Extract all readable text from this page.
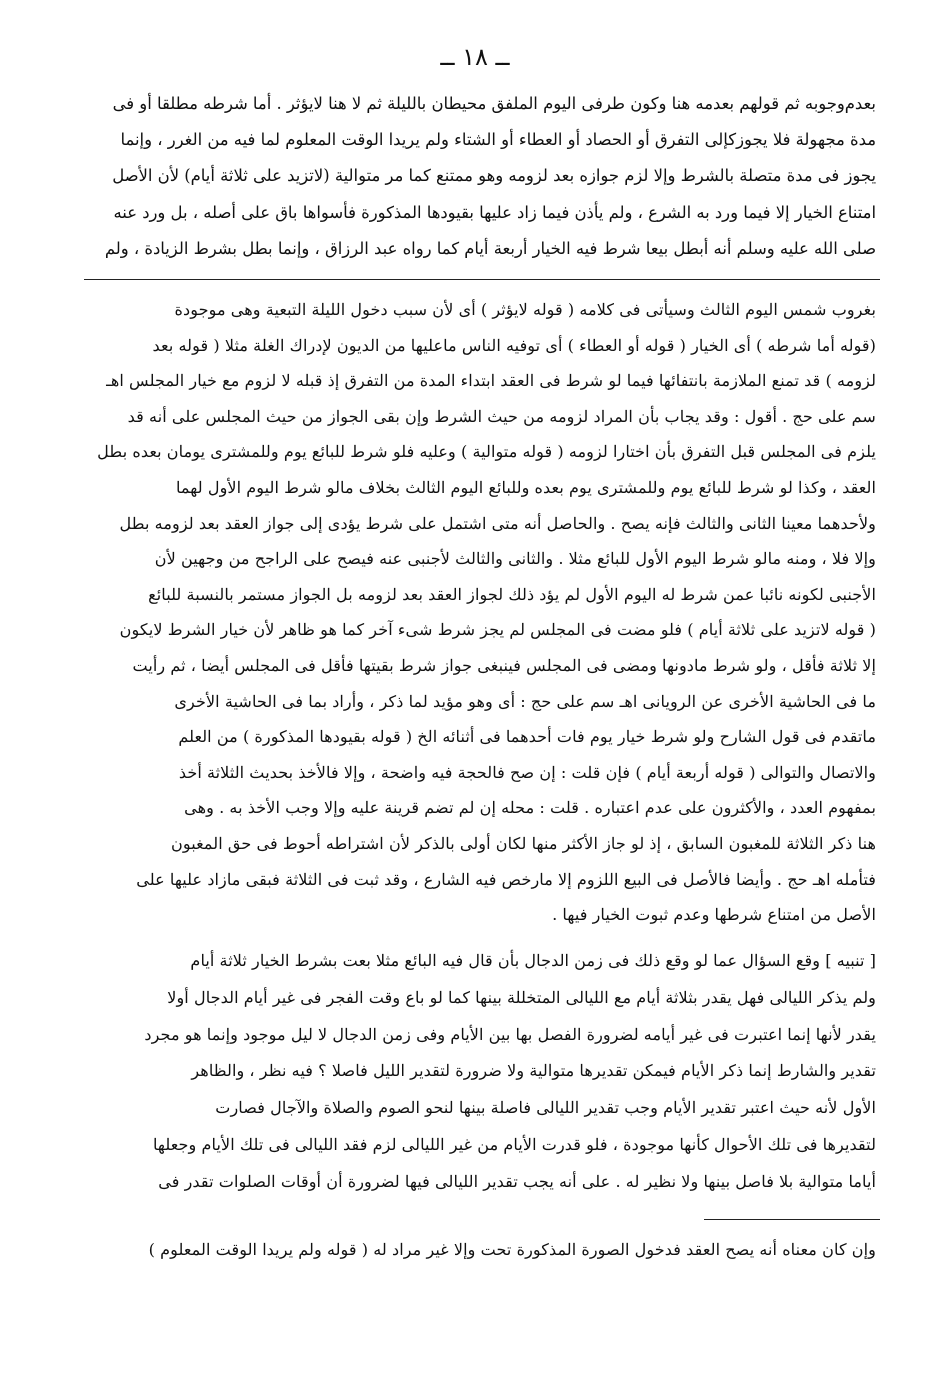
ــ ١٨ ــ

بعدم‌وجوبه ثم قولهم بعدمه هنا وكون طرفى اليوم الملفق محيطان بالليلة ثم لا هنا لايؤثر . أما شرطه مطلقا أو فى

مدة مجهولة فلا يجوزكإلى التفرق أو الحصاد أو العطاء أو الشتاء ولم يريدا الوقت المعلوم لما فيه من الغرر ، وإنما

يجوز فى مدة متصلة بالشرط وإلا لزم جوازه بعد لزومه وهو ممتنع كما مر متوالية (لاتزيد على ثلاثة أيام) لأن الأصل

امتناع الخيار إلا فيما ورد به الشرع ، ولم يأذن فيما زاد عليها بقيودها المذكورة فأسواها باق على أصله ، بل ورد عنه

صلى الله عليه وسلم أنه أبطل بيعا شرط فيه الخيار أربعة أيام كما رواه عبد الرزاق ، وإنما بطل بشرط الزيادة ، ولم

بغروب شمس اليوم الثالث وسيأتى فى كلامه ( قوله لايؤثر ) أى لأن سبب دخول الليلة التبعية وهى موجودة

(قوله أما شرطه ) أى الخيار ( قوله أو العطاء ) أى توفيه الناس ماعليها من الديون لإدراك الغلة مثلا ( قوله بعد

لزومه ) قد تمنع الملازمة بانتفائها فيما لو شرط فى العقد ابتداء المدة من التفرق إذ قبله لا لزوم مع خيار المجلس اهـ

سم على حج . أقول : وقد يجاب بأن المراد لزومه من حيث الشرط وإن بقى الجواز من حيث المجلس على أنه قد

يلزم فى المجلس قبل التفرق بأن اختارا لزومه ( قوله متوالية ) وعليه فلو شرط للبائع يوم وللمشترى يومان بعده بطل

العقد ، وكذا لو شرط للبائع يوم وللمشترى يوم بعده وللبائع اليوم الثالث بخلاف مالو شرط اليوم الأول لهما

ولأحدهما معينا الثانى والثالث فإنه يصح . والحاصل أنه متى اشتمل على شرط يؤدى إلى جواز العقد بعد لزومه بطل

وإلا فلا ، ومنه مالو شرط اليوم الأول للبائع مثلا . والثانى والثالث لأجنبى عنه فيصح على الراجح من وجهين لأن

الأجنبى لكونه نائبا عمن شرط له اليوم الأول لم يؤد ذلك لجواز العقد بعد لزومه بل الجواز مستمر بالنسبة للبائع

( قوله لاتزيد على ثلاثة أيام ) فلو مضت فى المجلس لم يجز شرط شىء آخر كما هو ظاهر لأن خيار الشرط لايكون

إلا ثلاثة فأقل ، ولو شرط مادونها ومضى فى المجلس فينبغى جواز شرط بقيتها فأقل فى المجلس أيضا ، ثم رأيت

ما فى الحاشية الأخرى عن الرويانى اهـ سم على حج : أى وهو مؤيد لما ذكر ، وأراد بما فى الحاشية الأخرى

ماتقدم فى قول الشارح ولو شرط خيار يوم فات أحدهما فى أثنائه الخ ( قوله بقيودها المذكورة ) من العلم

والاتصال والتوالى ( قوله أربعة أيام ) فإن قلت : إن صح فالحجة فيه واضحة ، وإلا فالأخذ بحديث الثلاثة أخذ

بمفهوم العدد ، والأكثرون على عدم اعتباره . قلت : محله إن لم تضم قرينة عليه وإلا وجب الأخذ به . وهى

هنا ذكر الثلاثة للمغبون السابق ، إذ لو جاز الأكثر منها لكان أولى بالذكر لأن اشتراطه أحوط فى حق المغبون

فتأمله اهـ حج . وأيضا فالأصل فى البيع اللزوم إلا مارخص فيه الشارع ، وقد ثبت فى الثلاثة فبقى مازاد عليها على

الأصل من امتناع شرطها وعدم ثبوت الخيار فيها .

[ تنبيه ] وقع السؤال عما لو وقع ذلك فى زمن الدجال بأن قال فيه البائع مثلا بعت بشرط الخيار ثلاثة أيام

ولم يذكر الليالى فهل يقدر بثلاثة أيام مع الليالى المتخللة بينها كما لو باع وقت الفجر فى غير أيام الدجال أولا

يقدر لأنها إنما اعتبرت فى غير أيامه لضرورة الفصل بها بين الأيام وفى زمن الدجال لا ليل موجود وإنما هو مجرد

تقدير والشارط إنما ذكر الأيام فيمكن تقديرها متوالية ولا ضرورة لتقدير الليل فاصلا ؟ فيه نظر ، والظاهر

الأول لأنه حيث اعتبر تقدير الأيام وجب تقدير الليالى فاصلة بينها لنحو الصوم والصلاة والآجال فصارت

لتقديرها فى تلك الأحوال كأنها موجودة ، فلو قدرت الأيام من غير الليالى لزم فقد الليالى فى تلك الأيام وجعلها

أياما متوالية بلا فاصل بينها ولا نظير له . على أنه يجب تقدير الليالى فيها لضرورة أن أوقات الصلوات تقدر فى

وإن كان معناه أنه يصح العقد فدخول الصورة المذكورة تحت وإلا غير مراد له ( قوله ولم يريدا الوقت المعلوم )
